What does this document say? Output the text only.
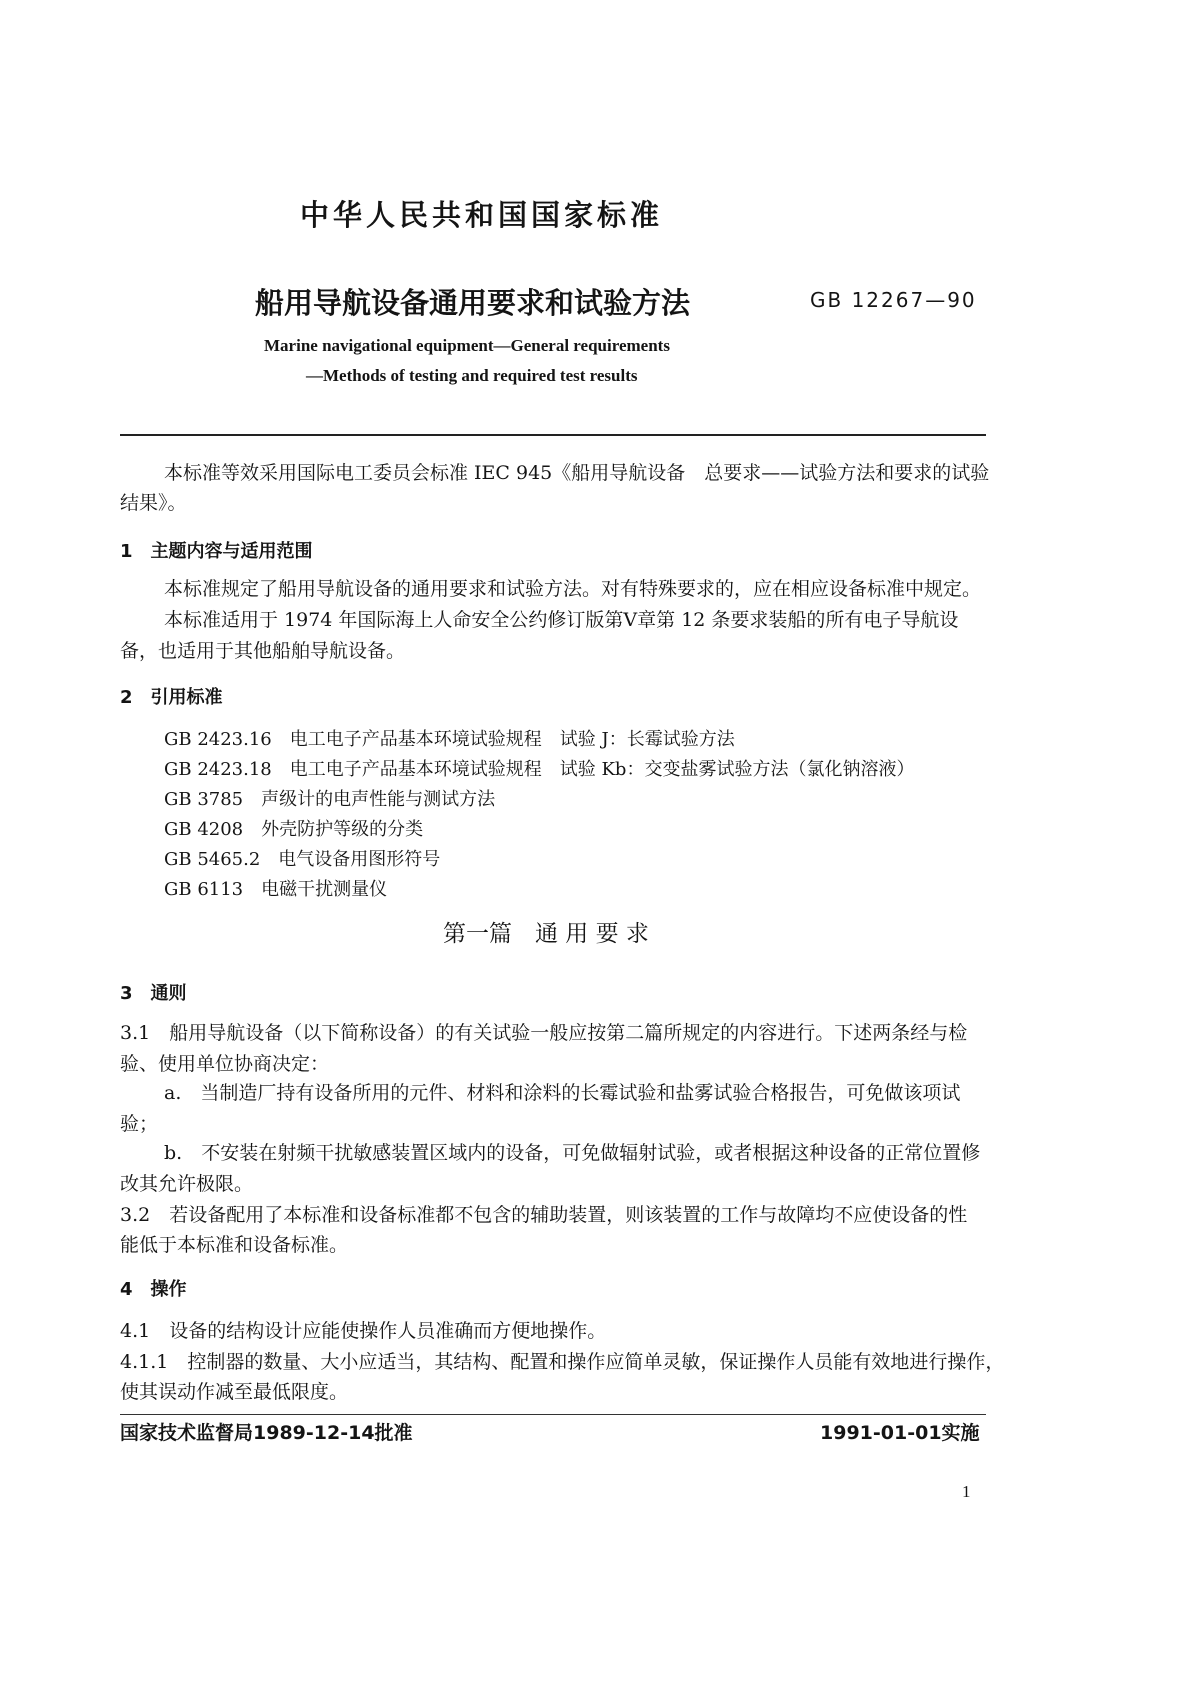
中华人民共和国国家标准
船用导航设备通用要求和试验方法	GB 12267—90
Marine navigational equipment—General requirements
—Methods of testing and required test results
本标准等效采用国际电工委员会标准 IEC 945《船用导航设备　总要求——试验方法和要求的试验
结果》。
1　主题内容与适用范围
本标准规定了船用导航设备的通用要求和试验方法。对有特殊要求的，应在相应设备标准中规定。
本标准适用于 1974 年国际海上人命安全公约修订版第Ⅴ章第 12 条要求装船的所有电子导航设
备，也适用于其他船舶导航设备。
2　引用标准
GB 2423.16　电工电子产品基本环境试验规程　试验 J：长霉试验方法
GB 2423.18　电工电子产品基本环境试验规程　试验 Kb：交变盐雾试验方法（氯化钠溶液）
GB 3785　声级计的电声性能与测试方法
GB 4208　外壳防护等级的分类
GB 5465.2　电气设备用图形符号
GB 6113　电磁干扰测量仪
第一篇　通 用 要 求
3　通则
3.1　船用导航设备（以下简称设备）的有关试验一般应按第二篇所规定的内容进行。下述两条经与检
验、使用单位协商决定：
a.　当制造厂持有设备所用的元件、材料和涂料的长霉试验和盐雾试验合格报告，可免做该项试
验；
b.　不安装在射频干扰敏感装置区域内的设备，可免做辐射试验，或者根据这种设备的正常位置修
改其允许极限。
3.2　若设备配用了本标准和设备标准都不包含的辅助装置，则该装置的工作与故障均不应使设备的性
能低于本标准和设备标准。
4　操作
4.1　设备的结构设计应能使操作人员准确而方便地操作。
4.1.1　控制器的数量、大小应适当，其结构、配置和操作应简单灵敏，保证操作人员能有效地进行操作，
使其误动作减至最低限度。
国家技术监督局1989-12-14批准	1991-01-01实施
1
